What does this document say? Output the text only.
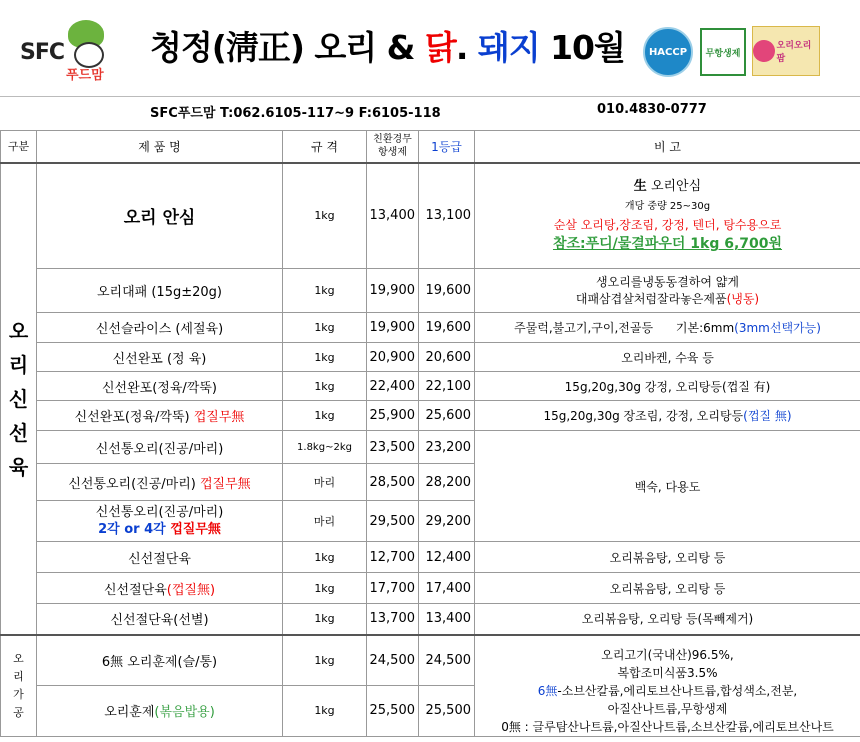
SFC
푸드맘
청정(淸正) 오리 & 닭. 돼지 10월 HACCP 무항생제
오리오리팜
SFC푸드맘 T:062.6105-117~9 F:6105-118	010.4830-0777
구분	제 품 명	규 격	친환경무
항생제	1등급	비 고
오
리
신
선
육	오리 안심	1kg	13,400	13,100	生 오리안심
개당 중량 25~30g
순살 오리탕,장조림, 강정, 텐더, 탕수용으로
참조:푸디/물결파우더 1kg 6,700원
	오리대패 (15g±20g)	1kg	19,900	19,600	생오리를냉동동결하여 얇게
대패삼겹살처럼잘라놓은제품(냉동)
	신선슬라이스 (세절육)	1kg	19,900	19,600	주물럭,불고기,구이,전골등      기본:6mm(3mm선택가능)
	신선완포 (정 육)	1kg	20,900	20,600	오리바켄, 수육 등
	신선완포(정육/깍뚝)	1kg	22,400	22,100	15g,20g,30g 강정, 오리탕등(껍질 有)
	신선완포(정육/깍뚝) 껍질무無	1kg	25,900	25,600	15g,20g,30g 장조림, 강정, 오리탕등(껍질 無)
	신선통오리(진공/마리)	1.8kg~2kg	23,500	23,200	백숙, 다용도
	신선통오리(진공/마리) 껍질무無	마리	28,500	28,200	
	신선통오리(진공/마리)
2각 or 4각 껍질무無	마리	29,500	29,200	
	신선절단육	1kg	12,700	12,400	오리볶음탕, 오리탕 등
	신선절단육(껍질無)	1kg	17,700	17,400	오리볶음탕, 오리탕 등
	신선절단육(선별)	1kg	13,700	13,400	오리볶음탕, 오리탕 등(목빼제거)
오
리
가
공	6無 오리훈제(슬/통)	1kg	24,500	24,500	오리고기(국내산)96.5%,
복합조미식품3.5%
6無-소브산칼륨,에리토브산나트륨,합성색소,전분,
아질산나트륨,무항생제
0無 : 글루탐산나트륨,아질산나트륨,소브산칼륨,에리토브산나트
	오리훈제(볶음밥용)	1kg	25,500	25,500	
